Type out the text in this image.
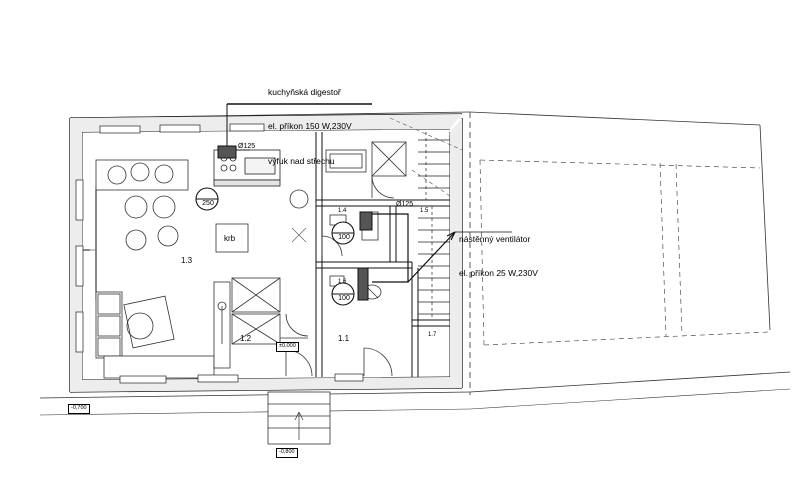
kuchyňská digestoř

el. příkon 150 W,230V

výfuk nad střechu

nástěnný ventilátor

el. příkon 25 W,230V

Ø125
Ø125
1.3
1.2	1.1
1.4	1.5
1.6
1.7
250
100
100
krb
±0,000
-0,700
-0,800
